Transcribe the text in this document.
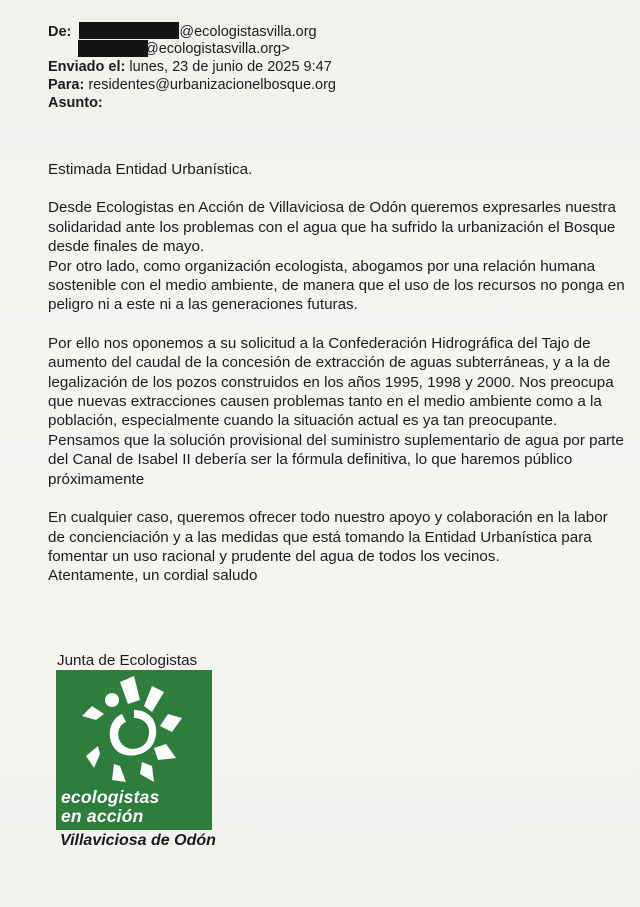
De:	@ecologistasvilla.org
@ecologistasvilla.org>
Enviado el: lunes, 23 de junio de 2025 9:47
Para: residentes@urbanizacionelbosque.org
Asunto:

Estimada Entidad Urbanística.

Desde Ecologistas en Acción de Villaviciosa de Odón queremos expresarles nuestra solidaridad ante los problemas con el agua que ha sufrido la urbanización el Bosque desde finales de mayo.

Por otro lado, como organización ecologista, abogamos por una relación humana sostenible con el medio ambiente, de manera que el uso de los recursos no ponga en peligro ni a este ni a las generaciones futuras.

Por ello nos oponemos a su solicitud a la Confederación Hidrográfica del Tajo de aumento del caudal de la concesión de extracción de aguas subterráneas, y a la de legalización de los pozos construidos en los años 1995, 1998 y 2000. Nos preocupa que nuevas extracciones causen problemas tanto en el medio ambiente como a la población, especialmente cuando la situación actual es ya tan preocupante.

Pensamos que la solución provisional del suministro suplementario de agua por parte del Canal de Isabel II debería ser la fórmula definitiva, lo que haremos público próximamente

En cualquier caso, queremos ofrecer todo nuestro apoyo y colaboración en la labor de concienciación y a las medidas que está tomando la Entidad Urbanística para fomentar un uso racional y prudente del agua de todos los vecinos.

Atentamente, un cordial saludo

Junta de Ecologistas
ecologistas
en acción
Villaviciosa de Odón
